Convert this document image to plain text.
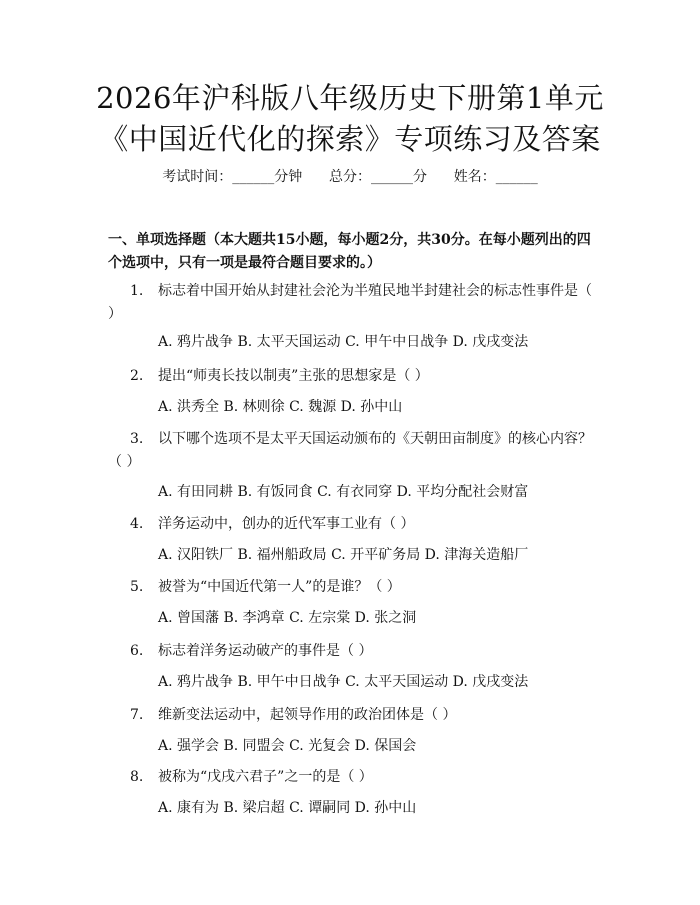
2026年沪科版八年级历史下册第1单元《中国近代化的探索》专项练习及答案
考试时间：______分钟      总分：______分      姓名：______
一、单项选择题（本大题共15小题，每小题2分，共30分。在每小题列出的四个选项中，只有一项是最符合题目要求的。）
1. 标志着中国开始从封建社会沦为半殖民地半封建社会的标志性事件是（ ）
A. 鸦片战争 B. 太平天国运动 C. 甲午中日战争 D. 戊戌变法
2. 提出“师夷长技以制夷”主张的思想家是（ ）
A. 洪秀全 B. 林则徐 C. 魏源 D. 孙中山
3. 以下哪个选项不是太平天国运动颁布的《天朝田亩制度》的核心内容？（ ）
A. 有田同耕 B. 有饭同食 C. 有衣同穿 D. 平均分配社会财富
4. 洋务运动中，创办的近代军事工业有（ ）
A. 汉阳铁厂 B. 福州船政局 C. 开平矿务局 D. 津海关造船厂
5. 被誉为“中国近代第一人”的是谁？（ ）
A. 曾国藩 B. 李鸿章 C. 左宗棠 D. 张之洞
6. 标志着洋务运动破产的事件是（ ）
A. 鸦片战争 B. 甲午中日战争 C. 太平天国运动 D. 戊戌变法
7. 维新变法运动中，起领导作用的政治团体是（ ）
A. 强学会 B. 同盟会 C. 光复会 D. 保国会
8. 被称为“戊戌六君子”之一的是（ ）
A. 康有为 B. 梁启超 C. 谭嗣同 D. 孙中山
